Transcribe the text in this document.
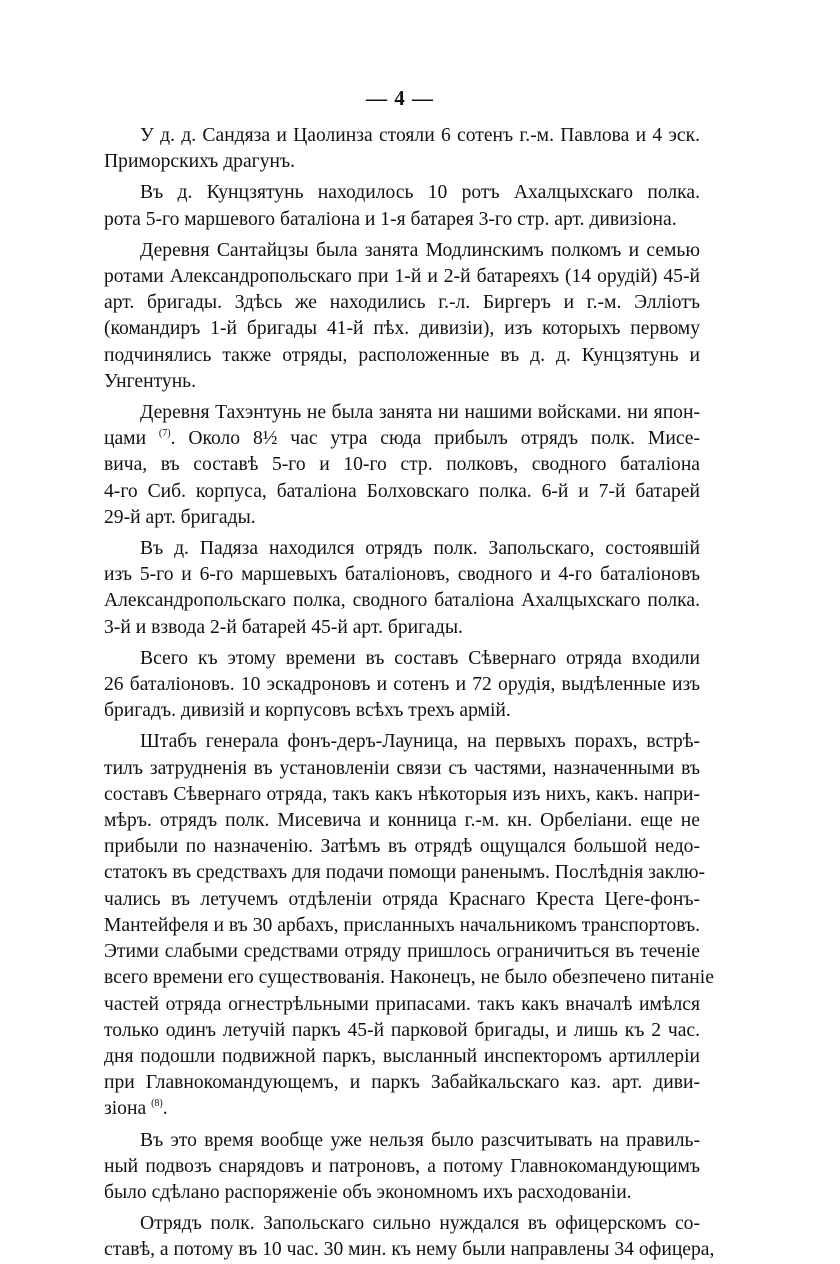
— 4 —
У д. д. Сандяза и Цаолинза стояли 6 сотенъ г.-м. Павлова и 4 эск.
Приморскихъ драгунъ.
Въ д. Кунцзятунь находилось 10 ротъ Ахалцыхскаго полка.
рота 5-го маршевого баталiона и 1-я батарея 3-го стр. арт. дивизiона.
Деревня Сантайцзы была занята Модлинскимъ полкомъ и семью
ротами Александропольскаго при 1-й и 2-й батареяхъ (14 орудiй) 45-й
арт. бригады. Здѣсь же находились г.-л. Биргеръ и г.-м. Эллiотъ
(командиръ 1-й бригады 41-й пѣх. дивизiи), изъ которыхъ первому
подчинялись также отряды, расположенные въ д. д. Кунцзятунь и
Унгентунь.
Деревня Тахэнтунь не была занята ни нашими войсками. ни япон-
цами $^{(7)}$. Около 8½ час утра сюда прибылъ отрядъ полк. Мисе-
вича, въ составѣ 5-го и 10-го стр. полковъ, сводного баталiона
4-го Сиб. корпуса, баталiона Болховскаго полка. 6-й и 7-й батарей
29-й арт. бригады.
Въ д. Падяза находился отрядъ полк. Запольскаго, состоявшiй
изъ 5-го и 6-го маршевыхъ баталiоновъ, сводного и 4-го баталiоновъ
Александропольскаго полка, сводного баталiона Ахалцыхскаго полка.
3-й и взвода 2-й батарей 45-й арт. бригады.
Всего къ этому времени въ составъ Сѣвернаго отряда входили
26 баталiоновъ. 10 эскадроновъ и сотенъ и 72 орудiя, выдѣленные изъ
бригадъ. дивизiй и корпусовъ всѣхъ трехъ армiй.
Штабъ генерала фонъ-деръ-Лауница, на первыхъ порахъ, встрѣ-
тилъ затрудненiя въ установленiи связи съ частями, назначенными въ
составъ Сѣвернаго отряда, такъ какъ нѣкоторыя изъ нихъ, какъ. напри-
мѣръ. отрядъ полк. Мисевича и конница г.-м. кн. Орбелiани. еще не
прибыли по назначенiю. Затѣмъ въ отрядѣ ощущался большой недо-
статокъ въ средствахъ для подачи помощи раненымъ. Послѣднiя заклю-
чались въ летучемъ отдѣленiи отряда Краснаго Креста Цеге-фонъ-
Мантейфеля и въ 30 арбахъ, присланныхъ начальникомъ транспортовъ.
Этими слабыми средствами отряду пришлось ограничиться въ теченiе
всего времени его существованiя. Наконецъ, не было обезпечено питанiе
частей отряда огнестрѣльными припасами. такъ какъ вначалѣ имѣлся
только одинъ летучiй паркъ 45-й парковой бригады, и лишь къ 2 час.
дня подошли подвижной паркъ, высланный инспекторомъ артиллерiи
при Главнокомандующемъ, и паркъ Забайкальскаго каз. арт. диви-
зiона $^{(8)}$.
Въ это время вообще уже нельзя было разсчитывать на правиль-
ный подвозъ снарядовъ и патроновъ, а потому Главнокомандующимъ
было сдѣлано распоряженiе объ экономномъ ихъ расходованiи.
Отрядъ полк. Запольскаго сильно нуждался въ офицерскомъ со-
ставѣ, а потому въ 10 час. 30 мин. къ нему были направлены 34 офицера,
